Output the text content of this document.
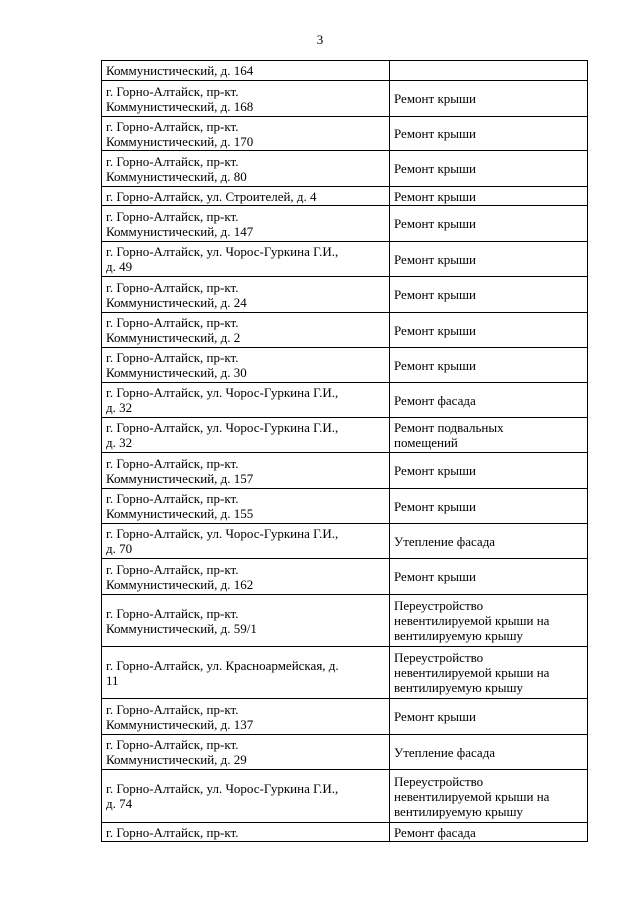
3
Коммунистический, д. 164	
г. Горно-Алтайск, пр-кт.
Коммунистический, д. 168	Ремонт крыши
г. Горно-Алтайск, пр-кт.
Коммунистический, д. 170	Ремонт крыши
г. Горно-Алтайск, пр-кт.
Коммунистический, д. 80	Ремонт крыши
г. Горно-Алтайск, ул. Строителей, д. 4	Ремонт крыши
г. Горно-Алтайск, пр-кт.
Коммунистический, д. 147	Ремонт крыши
г. Горно-Алтайск, ул. Чорос-Гуркина Г.И.,
д. 49	Ремонт крыши
г. Горно-Алтайск, пр-кт.
Коммунистический, д. 24	Ремонт крыши
г. Горно-Алтайск, пр-кт.
Коммунистический, д. 2	Ремонт крыши
г. Горно-Алтайск, пр-кт.
Коммунистический, д. 30	Ремонт крыши
г. Горно-Алтайск, ул. Чорос-Гуркина Г.И.,
д. 32	Ремонт фасада
г. Горно-Алтайск, ул. Чорос-Гуркина Г.И.,
д. 32	Ремонт подвальных
помещений
г. Горно-Алтайск, пр-кт.
Коммунистический, д. 157	Ремонт крыши
г. Горно-Алтайск, пр-кт.
Коммунистический, д. 155	Ремонт крыши
г. Горно-Алтайск, ул. Чорос-Гуркина Г.И.,
д. 70	Утепление фасада
г. Горно-Алтайск, пр-кт.
Коммунистический, д. 162	Ремонт крыши
г. Горно-Алтайск, пр-кт.
Коммунистический, д. 59/1	Переустройство
невентилируемой крыши на
вентилируемую крышу
г. Горно-Алтайск, ул. Красноармейская, д.
11	Переустройство
невентилируемой крыши на
вентилируемую крышу
г. Горно-Алтайск, пр-кт.
Коммунистический, д. 137	Ремонт крыши
г. Горно-Алтайск, пр-кт.
Коммунистический, д. 29	Утепление фасада
г. Горно-Алтайск, ул. Чорос-Гуркина Г.И.,
д. 74	Переустройство
невентилируемой крыши на
вентилируемую крышу
г. Горно-Алтайск, пр-кт.	Ремонт фасада
